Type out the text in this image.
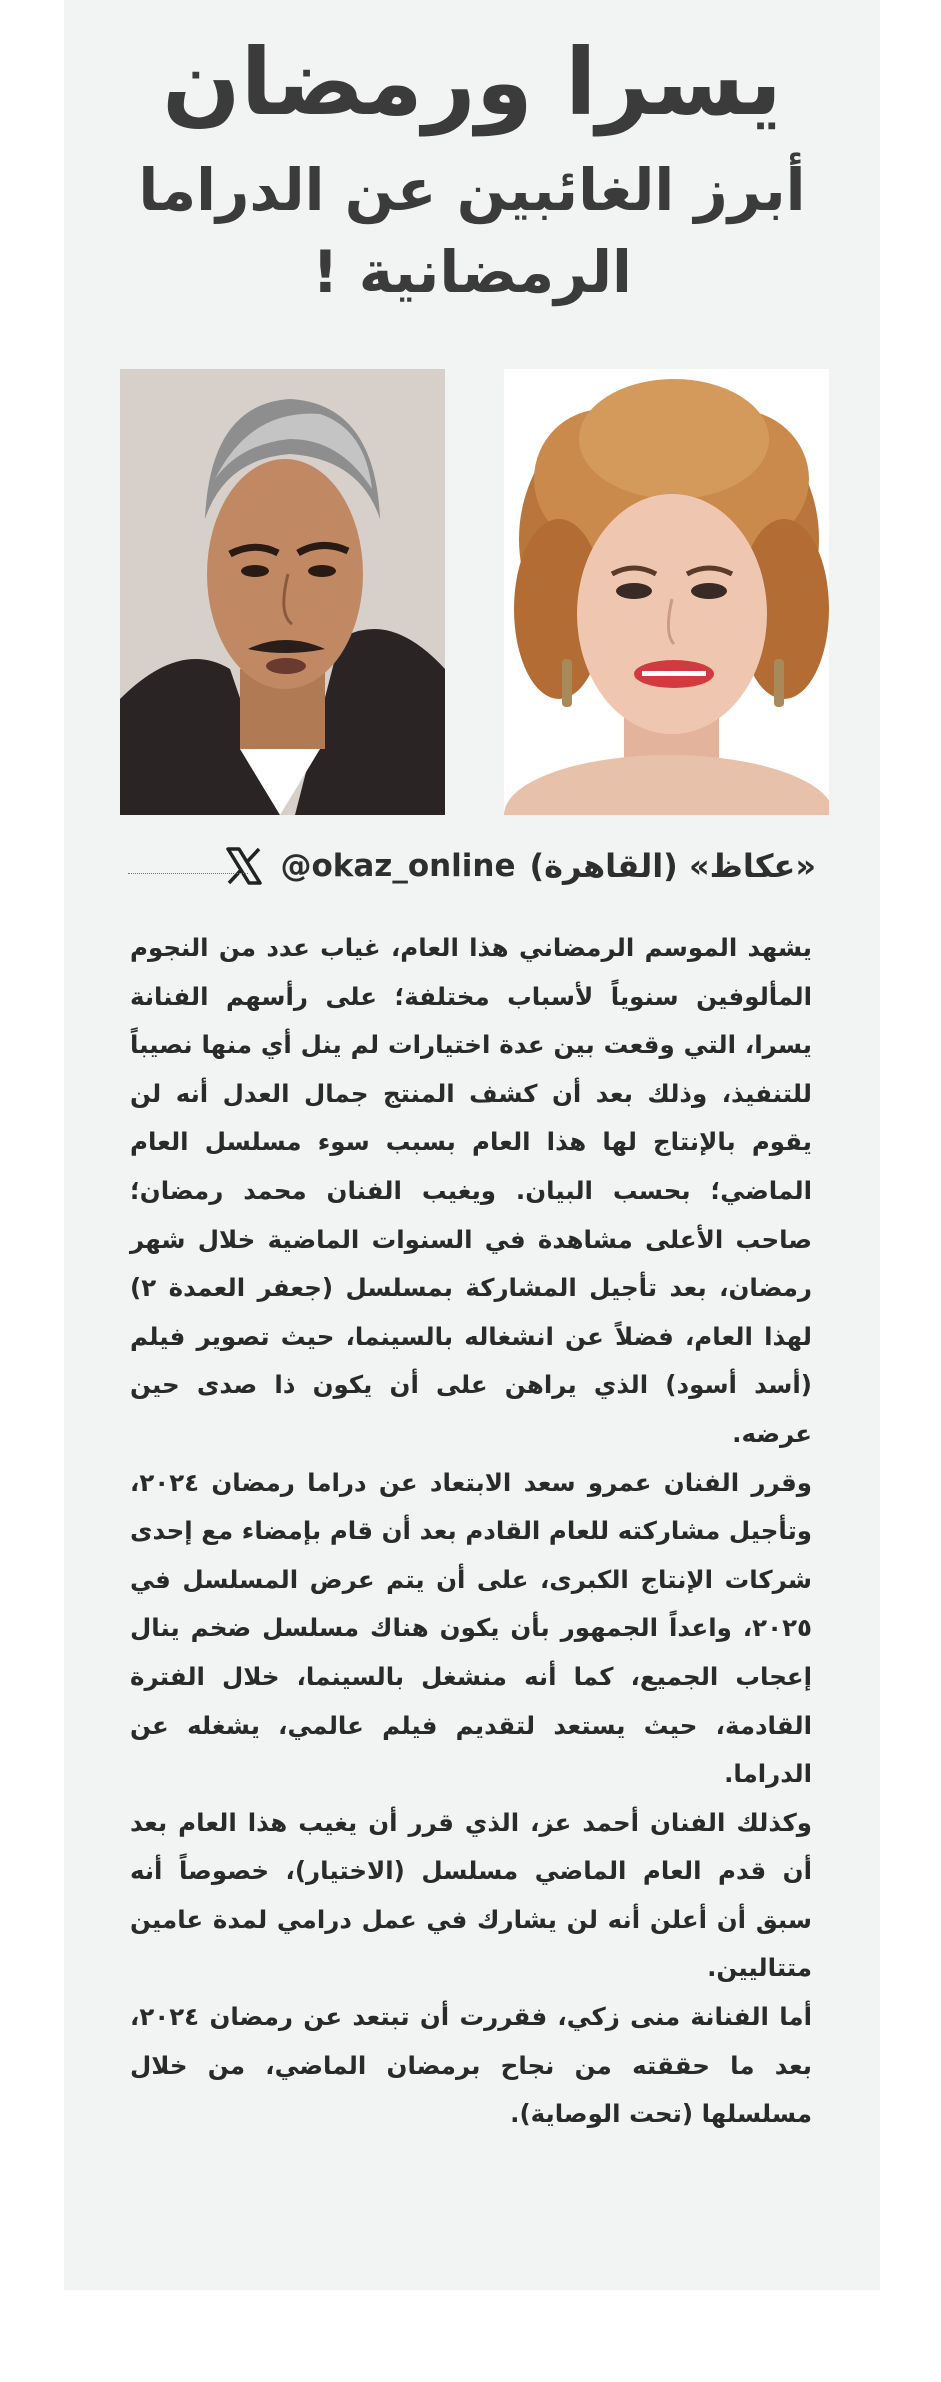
يسرا ورمضان
أبرز الغائبين عن الدراما
الرمضانية !
«عكاظ» (القاهرة)
@okaz_online

يشهد الموسم الرمضاني هذا العام، غياب عدد من النجوم المألوفين سنوياً لأسباب مختلفة؛ على رأسهم الفنانة يسرا، التي وقعت بين عدة اختيارات لم ينل أي منها نصيباً للتنفيذ، وذلك بعد أن كشف المنتج جمال العدل أنه لن يقوم بالإنتاج لها هذا العام بسبب سوء مسلسل العام الماضي؛ بحسب البيان. ويغيب الفنان محمد رمضان؛ صاحب الأعلى مشاهدة في السنوات الماضية خلال شهر رمضان، بعد تأجيل المشاركة بمسلسل (جعفر العمدة ٢) لهذا العام، فضلاً عن انشغاله بالسينما، حيث تصوير فيلم (أسد أسود) الذي يراهن على أن يكون ذا صدى حين عرضه.

وقرر الفنان عمرو سعد الابتعاد عن دراما رمضان ٢٠٢٤، وتأجيل مشاركته للعام القادم بعد أن قام بإمضاء مع إحدى شركات الإنتاج الكبرى، على أن يتم عرض المسلسل في ٢٠٢٥، واعداً الجمهور بأن يكون هناك مسلسل ضخم ينال إعجاب الجميع، كما أنه منشغل بالسينما، خلال الفترة القادمة، حيث يستعد لتقديم فيلم عالمي، يشغله عن الدراما.

وكذلك الفنان أحمد عز، الذي قرر أن يغيب هذا العام بعد أن قدم العام الماضي مسلسل (الاختيار)، خصوصاً أنه سبق أن أعلن أنه لن يشارك في عمل درامي لمدة عامين متتاليين.

أما الفنانة منى زكي، فقررت أن تبتعد عن رمضان ٢٠٢٤، بعد ما حققته من نجاح برمضان الماضي، من خلال مسلسلها (تحت الوصاية).
